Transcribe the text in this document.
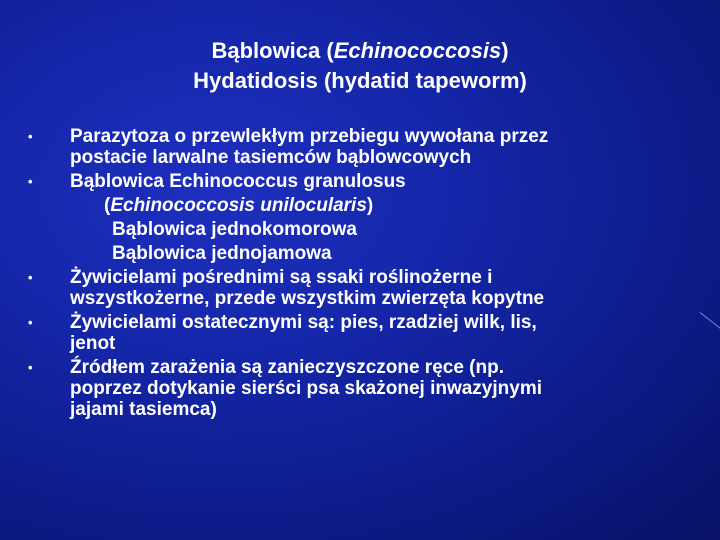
Bąblowica (Echinococcosis)
Hydatidosis (hydatid tapeworm)
•	Parazytoza o przewlekłym przebiegu wywołana przez
postacie larwalne tasiemców bąblowcowych
•	Bąblowica Echinococcus granulosus
(Echinococcosis unilocularis)
Bąblowica jednokomorowa
Bąblowica jednojamowa
•	Żywicielami pośrednimi są ssaki roślinożerne i
wszystkożerne, przede wszystkim zwierzęta kopytne
•	Żywicielami ostatecznymi są: pies, rzadziej wilk, lis,
jenot
•	Źródłem zarażenia są zanieczyszczone ręce (np.
poprzez dotykanie sierści psa skażonej inwazyjnymi
jajami tasiemca)
